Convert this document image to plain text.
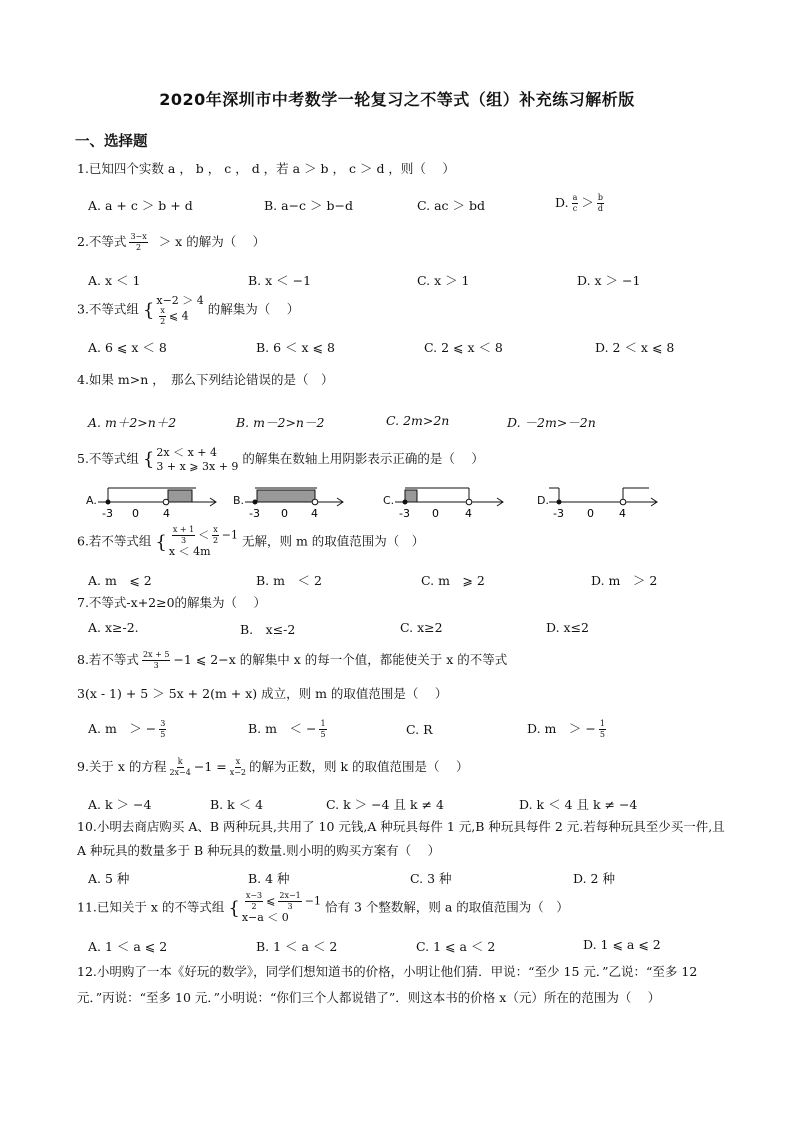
2020年深圳市中考数学一轮复习之不等式（组）补充练习解析版
一、选择题
1.已知四个实数 a ， b ， c ， d ，若 a ＞ b ， c ＞ d ，则（　 ）
A. a + c ＞ b + d	B. a−c ＞ b−d	C. ac ＞ bd	D. $\frac{a}{c} > \frac{b}{d}$
2.不等式 $\frac{3-x}{2} > x$ 的解为（　 ）
A. x ＜ 1	B. x ＜ −1	C. x ＞ 1	D. x ＞ −1
3.不等式组 { x−2 ＞ 4
$\frac{x}{2}$ ⩽ 4	的解集为（　 ）
A. 6 ⩽ x ＜ 8	B. 6 ＜ x ⩽ 8	C. 2 ⩽ x ＜ 8	D. 2 ＜ x ⩽ 8
4.如果 m>n ，　那么下列结论错误的是（　）
A. m＋2>n＋2	B. m－2>n－2	C. 2m>2n	D. －2m>－2n
5.不等式组 { 2x ＜ x + 4
3 + x ⩾ 3x + 9 的解集在数轴上用阴影表示正确的是（　 ）
A.
-3 0 4
B.
-3 0 4
C.
-3 0 4
D.
-3 0 4
6.若不等式组 { $\frac{x + 1}{3} < \frac{x}{2} -1$
x ＜ 4m
无解，则 m 的取值范围为（　）
A. m　⩽ 2	B. m　＜ 2	C. m　⩾ 2	D. m　＞ 2
7.不等式-x+2≥0的解集为（　 ）
A. x≥-2.	B.　x≤-2	C. x≥2	D. x≤2
8.若不等式 $\frac{2x + 5}{3} -1$ ⩽ 2−x 的解集中 x 的每一个值，都能使关于 x 的不等式
3(x - 1) + 5 ＞ 5x + 2(m + x) 成立，则 m 的取值范围是（　 ）
A. m　＞ − $\frac{3}{5}$	B. m　＜ − $\frac{1}{5}$	C. R	D. m　＞ − $\frac{1}{5}$
9.关于 x 的方程 $\frac{k}{2x-4} -1 = \frac{x}{x-2}$ 的解为正数，则 k 的取值范围是（　 ）
A. k ＞ −4	B. k ＜ 4	C. k ＞ −4 且 k ≠ 4	D. k ＜ 4 且 k ≠ −4
10.小明去商店购买 A、B 两种玩具,共用了 10 元钱,A 种玩具每件 1 元,B 种玩具每件 2 元.若每种玩具至少买一件,且 A 种玩具的数量多于 B 种玩具的数量.则小明的购买方案有（　 ）
A. 5 种	B. 4 种	C. 3 种	D. 2 种
11.已知关于 x 的不等式组 { $\frac{x-3}{2}$ ⩽ $\frac{2x-1}{3} -1$
x−a ＜ 0
恰有 3 个整数解，则 a 的取值范围为（　）
A. 1 ＜ a ⩽ 2	B. 1 ＜ a ＜ 2	C. 1 ⩽ a ＜ 2	D. 1 ⩽ a ⩽ 2
12.小明购了一本《好玩的数学》，同学们想知道书的价格，小明让他们猜．甲说：“至少 15 元．”乙说：“至多 12 元．”丙说：“至多 10 元．”小明说：“你们三个人都说错了”．则这本书的价格 x（元）所在的范围为（　 ）
